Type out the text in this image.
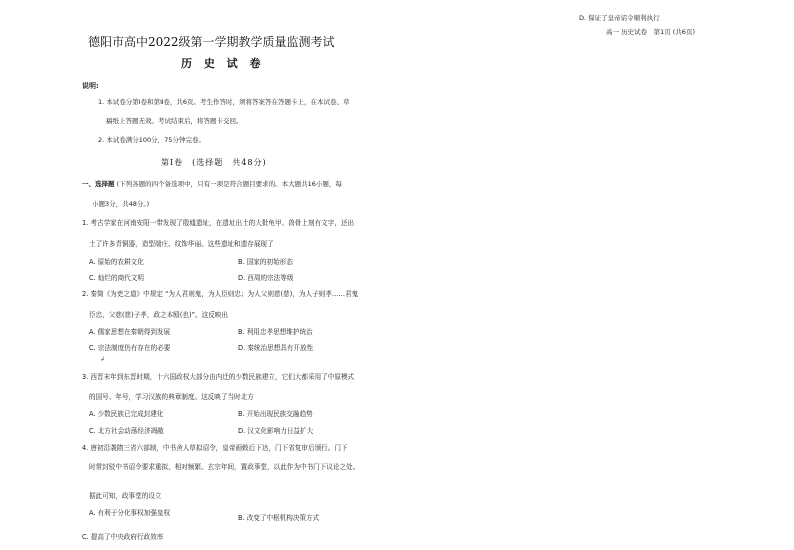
D. 保证了皇帝诏令顺利执行
高一 历史试卷　第1页 (共6页)
德阳市高中2022级第一学期教学质量监测考试
历 史 试 卷
说明:
1. 本试卷分第Ⅰ卷和第Ⅱ卷，共6页。考生作答时，须将答案答在答题卡上，在本试卷、草
稿纸上答题无效。考试结束后，将答题卡交回。
2. 本试卷满分100分，75分钟完卷。
第Ⅰ卷　(选择题　共48分)
一、选择题 (下列各题的四个备选项中，只有一项是符合题目要求的。本大题共16小题，每
小题3分，共48分。)
1. 考古学家在河南安阳一带发现了殷墟遗址，在遗址出土的大批龟甲、兽骨上刻有文字，还出
土了许多青铜器，造型端庄、纹饰华丽。这些遗址和遗存展现了
A. 原始的农耕文化	B. 国家的初始形态
C. 灿烂的商代文明	D. 西周的宗法等级
2. 秦简《为吏之道》中规定 “为人君则鬼，为人臣则忠；为人父则慈(慈)，为人子则孝……君鬼
臣忠，父慈(慈)子孝，政之本殹(也)”。这反映出
A. 儒家思想在秦朝得到发展	B. 利用忠孝思想维护统治
C. 宗法制度仍有存在的必要	D. 秦统治思想具有开放性
↲
3. 西晋末年到东晋时期，十六国政权大部分由内迁的少数民族建立，它们大都采用了中原模式
的国号、年号，学习汉族的典章制度。这反映了当时北方
A. 少数民族已完成封建化	B. 开始出现民族交融趋势
C. 北方社会动荡经济凋敝	D. 汉文化影响力日益扩大
4. 唐初沿袭隋三省六部制，中书舍人草拟诏令，皇帝画敕后下达，门下省复审后颁行。门下
时常封驳中书诏令要求重拟，相对频繁。玄宗年间，置政事堂，以此作为中书门下议论之处。
据此可知，政事堂的设立
A. 有利于分化事权加强皇权
B. 改变了中枢机构决策方式
C. 提高了中央政府行政效率
